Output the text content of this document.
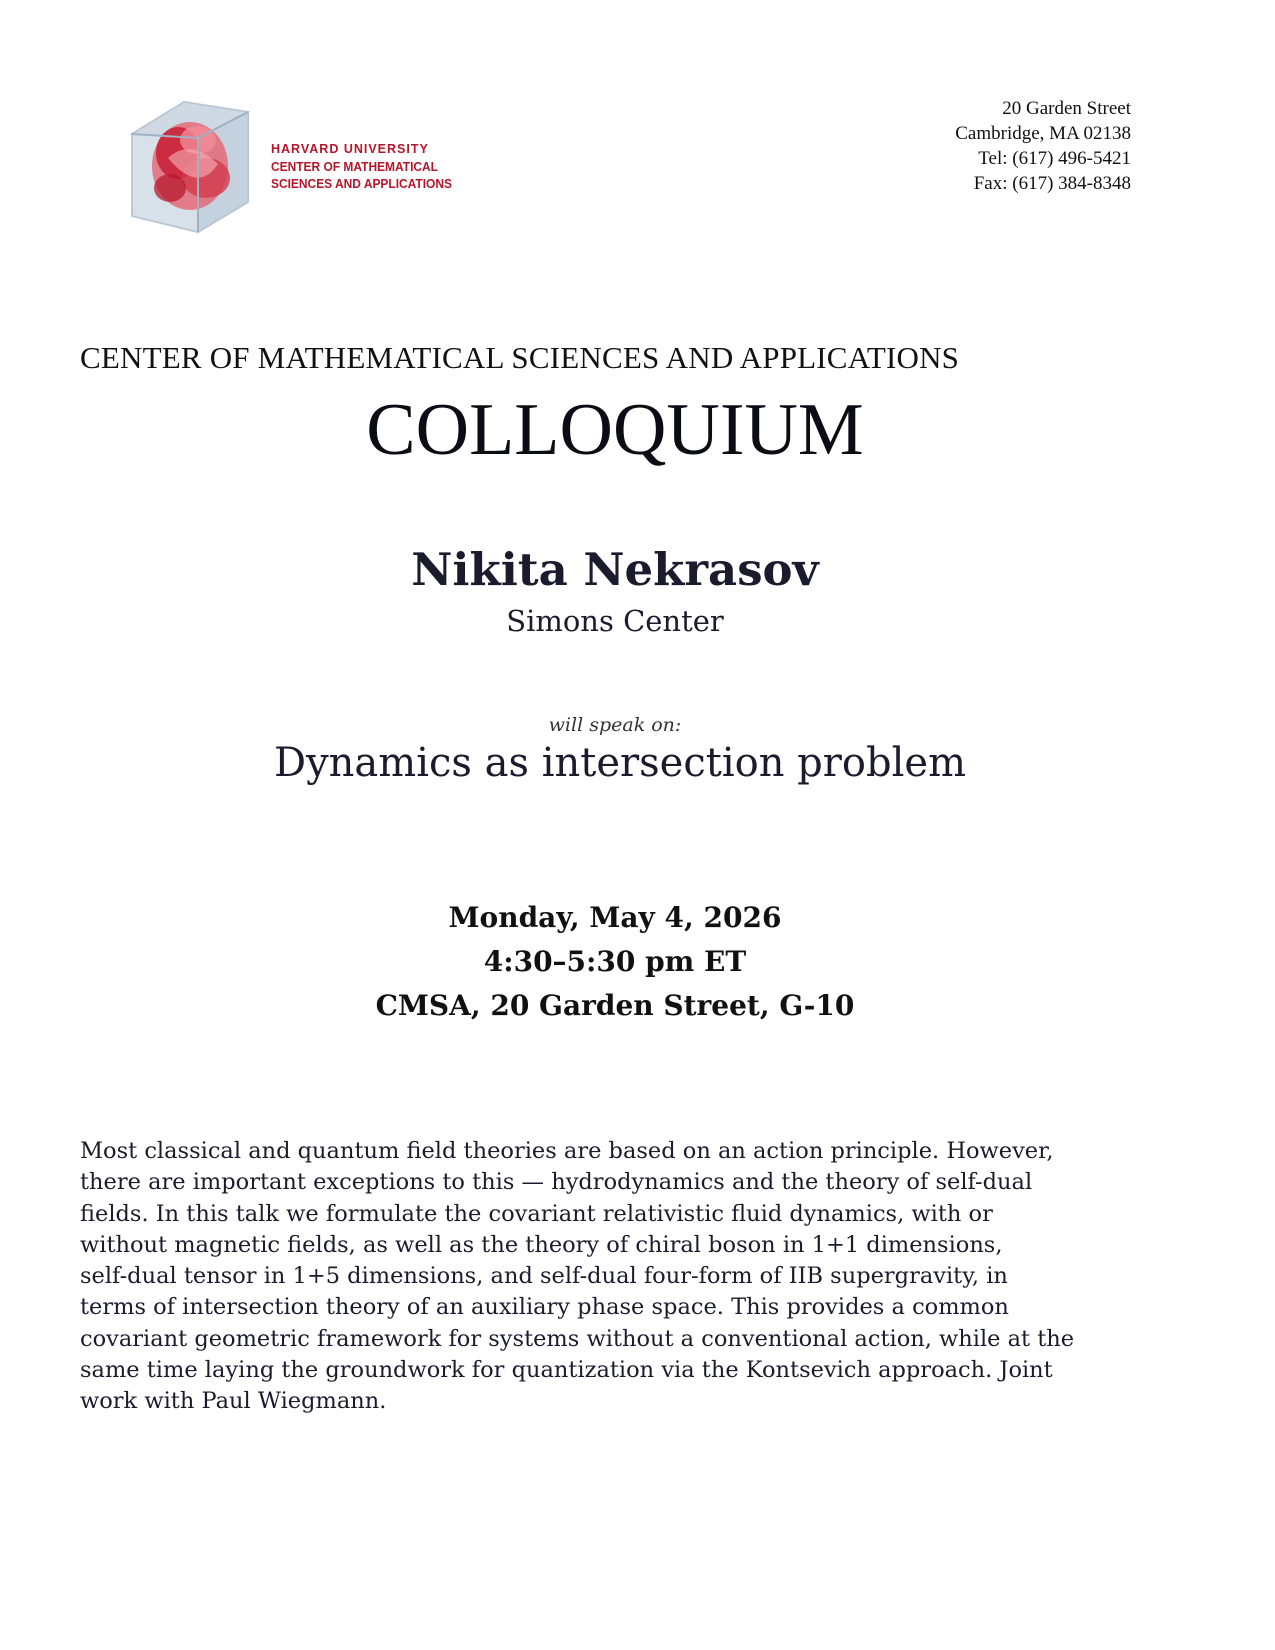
HARVARD UNIVERSITY
CENTER OF MATHEMATICAL
SCIENCES AND APPLICATIONS
20 Garden Street
Cambridge, MA 02138
Tel: (617) 496-5421
Fax: (617) 384-8348
CENTER OF MATHEMATICAL SCIENCES AND APPLICATIONS
COLLOQUIUM
Nikita Nekrasov
Simons Center
will speak on:
Dynamics as intersection problem
Monday, May 4, 2026
4:30–5:30 pm ET
CMSA, 20 Garden Street, G-10
Most classical and quantum field theories are based on an action principle. However,
there are important exceptions to this — hydrodynamics and the theory of self-dual
fields. In this talk we formulate the covariant relativistic fluid dynamics, with or
without magnetic fields, as well as the theory of chiral boson in 1+1 dimensions,
self-dual tensor in 1+5 dimensions, and self-dual four-form of IIB supergravity, in
terms of intersection theory of an auxiliary phase space. This provides a common
covariant geometric framework for systems without a conventional action, while at the
same time laying the groundwork for quantization via the Kontsevich approach. Joint
work with Paul Wiegmann.
